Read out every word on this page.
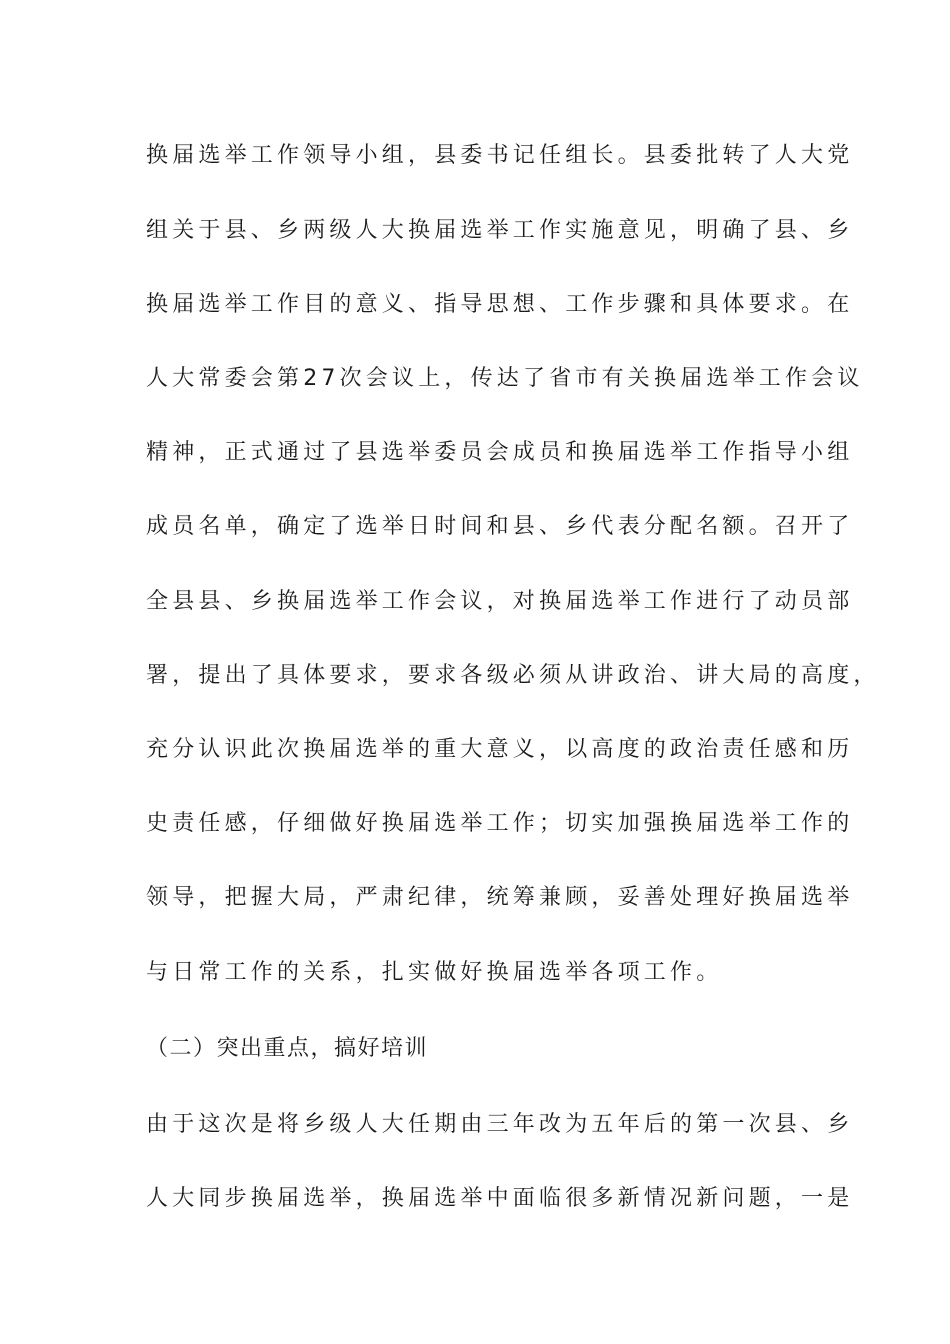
换届选举工作领导小组，县委书记任组长。县委批转了人大党
组关于县、乡两级人大换届选举工作实施意见，明确了县、乡
换届选举工作目的意义、指导思想、工作步骤和具体要求。在
人大常委会第27次会议上，传达了省市有关换届选举工作会议
精神，正式通过了县选举委员会成员和换届选举工作指导小组
成员名单，确定了选举日时间和县、乡代表分配名额。召开了
全县县、乡换届选举工作会议，对换届选举工作进行了动员部
署，提出了具体要求，要求各级必须从讲政治、讲大局的高度，
充分认识此次换届选举的重大意义，以高度的政治责任感和历
史责任感，仔细做好换届选举工作；切实加强换届选举工作的
领导，把握大局，严肃纪律，统筹兼顾，妥善处理好换届选举
与日常工作的关系，扎实做好换届选举各项工作。
（二）突出重点，搞好培训
由于这次是将乡级人大任期由三年改为五年后的第一次县、乡
人大同步换届选举，换届选举中面临很多新情况新问题，一是
